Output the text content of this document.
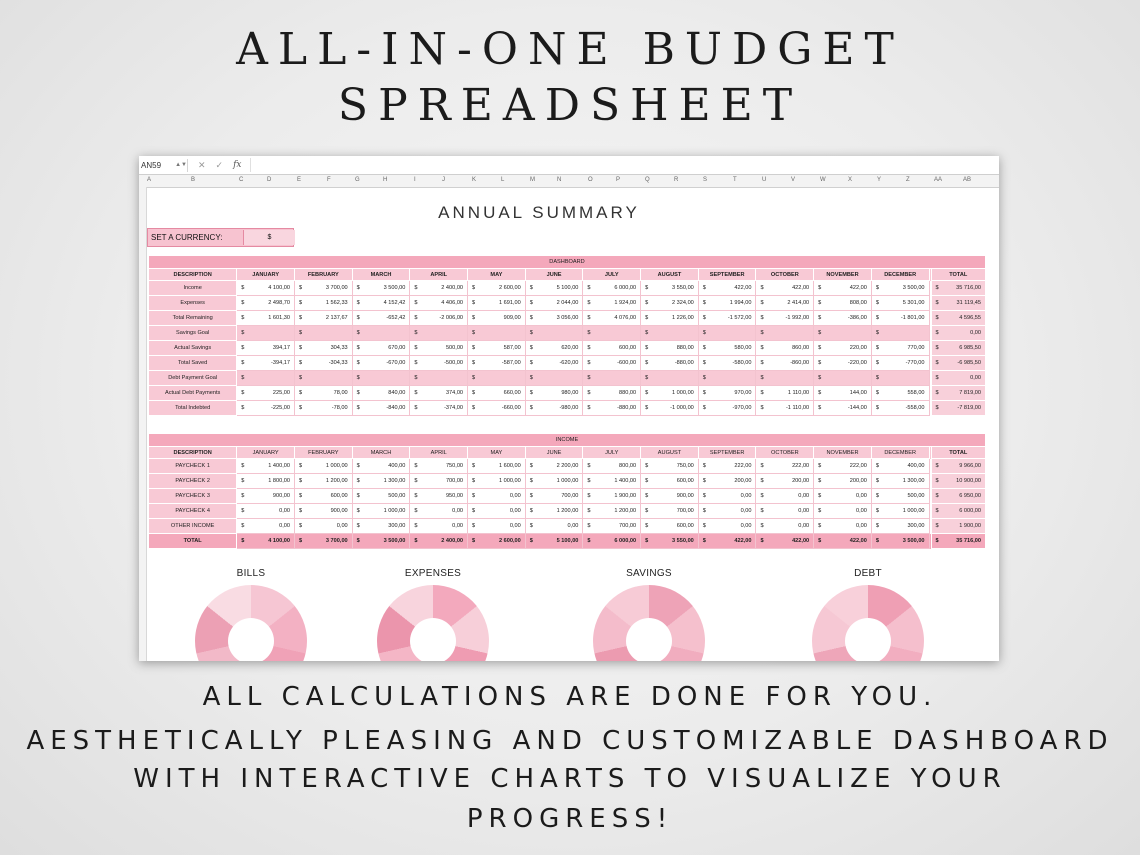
ALL-IN-ONE BUDGET
SPREADSHEET
AN59 ▲▼ ✕ ✓ fx
A	B	C	D	E	F	G	H	I	J	K	L	M	N	O	P	Q	R	S	T	U	V	W	X	Y	Z	AA	AB
ANNUAL SUMMARY
SET A CURRENCY:	$
DASHBOARD														
DESCRIPTION	JANUARY	FEBRUARY	MARCH	APRIL	MAY	JUNE	JULY	AUGUST	SEPTEMBER	OCTOBER	NOVEMBER	DECEMBER		TOTAL
Income	$ 4 100,00	$ 3 700,00	$ 3 500,00	$ 2 400,00	$ 2 600,00	$ 5 100,00	$ 6 000,00	$ 3 550,00	$ 422,00	$ 422,00	$ 422,00	$ 3 500,00		$ 35 716,00
Expenses	$ 2 498,70	$ 1 562,33	$ 4 152,42	$ 4 406,00	$ 1 691,00	$ 2 044,00	$ 1 924,00	$ 2 324,00	$ 1 994,00	$ 2 414,00	$ 808,00	$ 5 301,00		$ 31 119,45
Total Remaining	$ 1 601,30	$ 2 137,67	$ -652,42	$ -2 006,00	$ 909,00	$ 3 056,00	$ 4 076,00	$ 1 226,00	$ -1 572,00	$ -1 992,00	$ -386,00	$ -1 801,00		$ 4 596,55
Savings Goal	$	$	$	$	$	$	$	$	$	$	$	$		$ 0,00
Actual Savings	$ 394,17	$ 304,33	$ 670,00	$ 500,00	$ 587,00	$ 620,00	$ 600,00	$ 880,00	$ 580,00	$ 860,00	$ 220,00	$ 770,00		$ 6 985,50
Total Saved	$ -394,17	$ -304,33	$ -670,00	$ -500,00	$ -587,00	$ -620,00	$ -600,00	$ -880,00	$ -580,00	$ -860,00	$ -220,00	$ -770,00		$ -6 985,50
Debt Payment Goal	$	$	$	$	$	$	$	$	$	$	$	$		$ 0,00
Actual Debt Payments	$ 225,00	$ 78,00	$ 840,00	$ 374,00	$ 660,00	$ 980,00	$ 880,00	$ 1 000,00	$ 970,00	$ 1 110,00	$ 144,00	$ 558,00		$ 7 819,00
Total Indebted	$ -225,00	$ -78,00	$ -840,00	$ -374,00	$ -660,00	$ -980,00	$ -880,00	$ -1 000,00	$ -970,00	$ -1 110,00	$ -144,00	$ -558,00		$ -7 819,00
INCOME														
DESCRIPTION	JANUARY	FEBRUARY	MARCH	APRIL	MAY	JUNE	JULY	AUGUST	SEPTEMBER	OCTOBER	NOVEMBER	DECEMBER		TOTAL
PAYCHECK 1	$ 1 400,00	$ 1 000,00	$ 400,00	$ 750,00	$ 1 600,00	$ 2 200,00	$ 800,00	$ 750,00	$ 222,00	$ 222,00	$ 222,00	$ 400,00		$ 9 966,00
PAYCHECK 2	$ 1 800,00	$ 1 200,00	$ 1 300,00	$ 700,00	$ 1 000,00	$ 1 000,00	$ 1 400,00	$ 600,00	$ 200,00	$ 200,00	$ 200,00	$ 1 300,00		$ 10 900,00
PAYCHECK 3	$ 900,00	$ 600,00	$ 500,00	$ 950,00	$ 0,00	$ 700,00	$ 1 900,00	$ 900,00	$ 0,00	$ 0,00	$ 0,00	$ 500,00		$ 6 950,00
PAYCHECK 4	$ 0,00	$ 900,00	$ 1 000,00	$ 0,00	$ 0,00	$ 1 200,00	$ 1 200,00	$ 700,00	$ 0,00	$ 0,00	$ 0,00	$ 1 000,00		$ 6 000,00
OTHER INCOME	$ 0,00	$ 0,00	$ 300,00	$ 0,00	$ 0,00	$ 0,00	$ 700,00	$ 600,00	$ 0,00	$ 0,00	$ 0,00	$ 300,00		$ 1 900,00
TOTAL	$ 4 100,00	$ 3 700,00	$ 3 500,00	$ 2 400,00	$ 2 600,00	$ 5 100,00	$ 6 000,00	$ 3 550,00	$ 422,00	$ 422,00	$ 422,00	$ 3 500,00		$ 35 716,00
BILLS	EXPENSES	SAVINGS	DEBT
ALL CALCULATIONS ARE DONE FOR YOU.
AESTHETICALLY PLEASING AND CUSTOMIZABLE DASHBOARD
WITH INTERACTIVE CHARTS TO VISUALIZE YOUR
PROGRESS!
